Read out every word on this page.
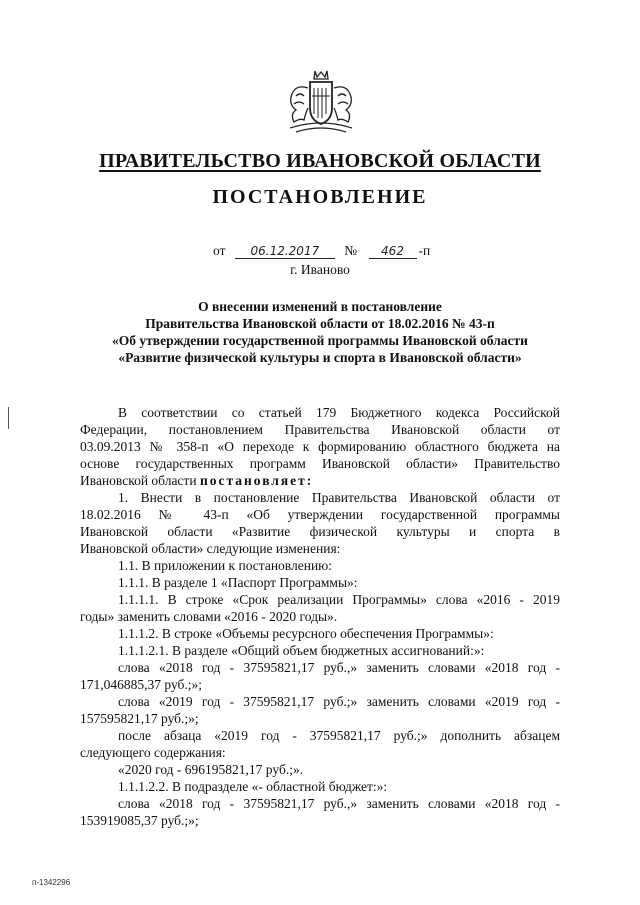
ПРАВИТЕЛЬСТВО ИВАНОВСКОЙ ОБЛАСТИ
ПОСТАНОВЛЕНИЕ
от 06.12.2017 № 462 -п
г. Иваново
О внесении изменений в постановление
Правительства Ивановской области от 18.02.2016 № 43-п
«Об утверждении государственной программы Ивановской области
«Развитие физической культуры и спорта в Ивановской области»
В соответствии со статьей 179 Бюджетного кодекса Российской
Федерации, постановлением Правительства Ивановской области от
03.09.2013 № 358-п «О переходе к формированию областного бюджета на
основе государственных программ Ивановской области» Правительство
Ивановской области постановляет:
1. Внести в постановление Правительства Ивановской области от
18.02.2016 № 43-п «Об утверждении государственной программы
Ивановской области «Развитие физической культуры и спорта в
Ивановской области» следующие изменения:
1.1. В приложении к постановлению:
1.1.1. В разделе 1 «Паспорт Программы»:
1.1.1.1. В строке «Срок реализации Программы» слова «2016 - 2019
годы» заменить словами «2016 - 2020 годы».
1.1.1.2. В строке «Объемы ресурсного обеспечения Программы»:
1.1.1.2.1. В разделе «Общий объем бюджетных ассигнований:»:
слова «2018 год - 37595821,17 руб.,» заменить словами «2018 год -
171,046885,37 руб.;»;
слова «2019 год - 37595821,17 руб.;» заменить словами «2019 год -
157595821,17 руб.;»;
после абзаца «2019 год - 37595821,17 руб.;» дополнить абзацем
следующего содержания:
«2020 год - 696195821,17 руб.;».
1.1.1.2.2. В подразделе «- областной бюджет:»:
слова «2018 год - 37595821,17 руб.,» заменить словами «2018 год -
153919085,37 руб.;»;
п-1342296
